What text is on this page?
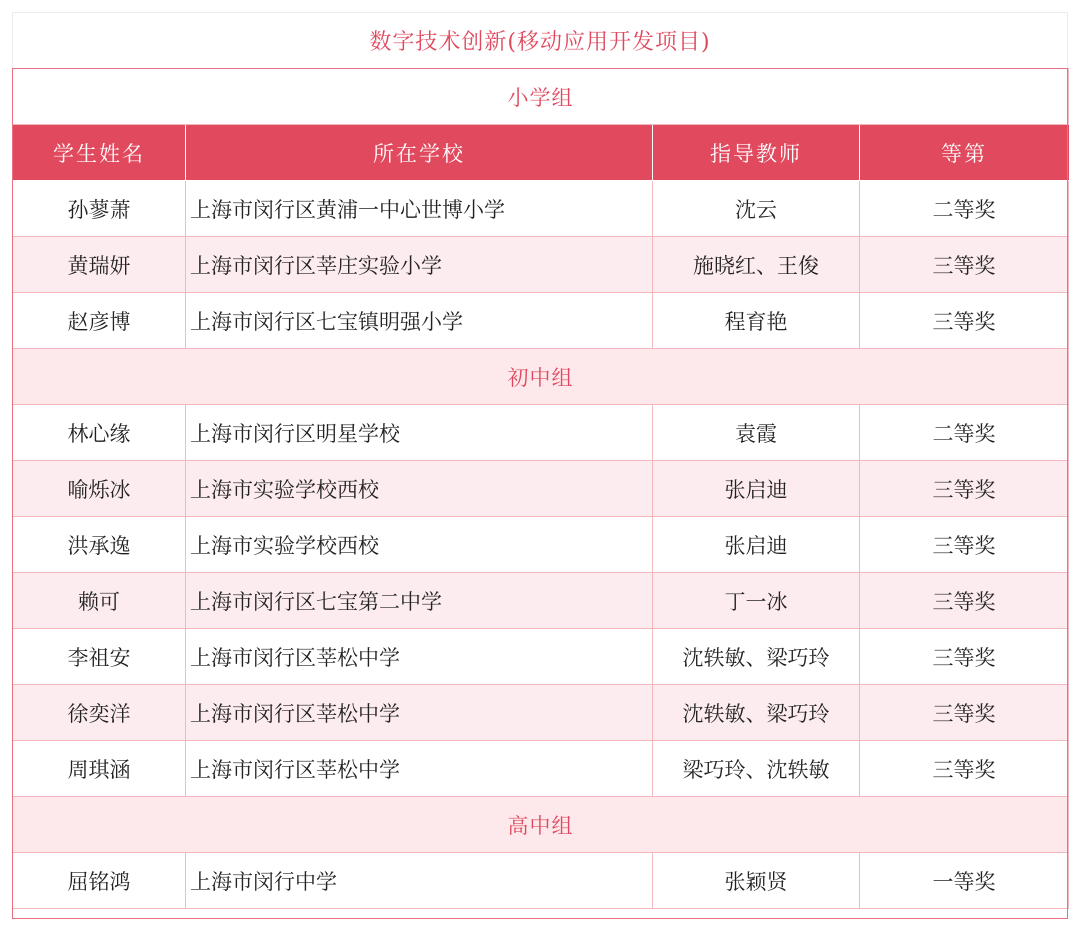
数字技术创新(移动应用开发项目)
小学组			
学生姓名	所在学校	指导教师	等第
孙蓼萧	上海市闵行区黄浦一中心世博小学	沈云	二等奖
黄瑞妍	上海市闵行区莘庄实验小学	施晓红、王俊	三等奖
赵彦博	上海市闵行区七宝镇明强小学	程育艳	三等奖
初中组			
林心缘	上海市闵行区明星学校	袁霞	二等奖
喻烁冰	上海市实验学校西校	张启迪	三等奖
洪承逸	上海市实验学校西校	张启迪	三等奖
赖可	上海市闵行区七宝第二中学	丁一冰	三等奖
李祖安	上海市闵行区莘松中学	沈轶敏、梁巧玲	三等奖
徐奕洋	上海市闵行区莘松中学	沈轶敏、梁巧玲	三等奖
周琪涵	上海市闵行区莘松中学	梁巧玲、沈轶敏	三等奖
高中组			
屈铭鸿	上海市闵行中学	张颖贤	一等奖
